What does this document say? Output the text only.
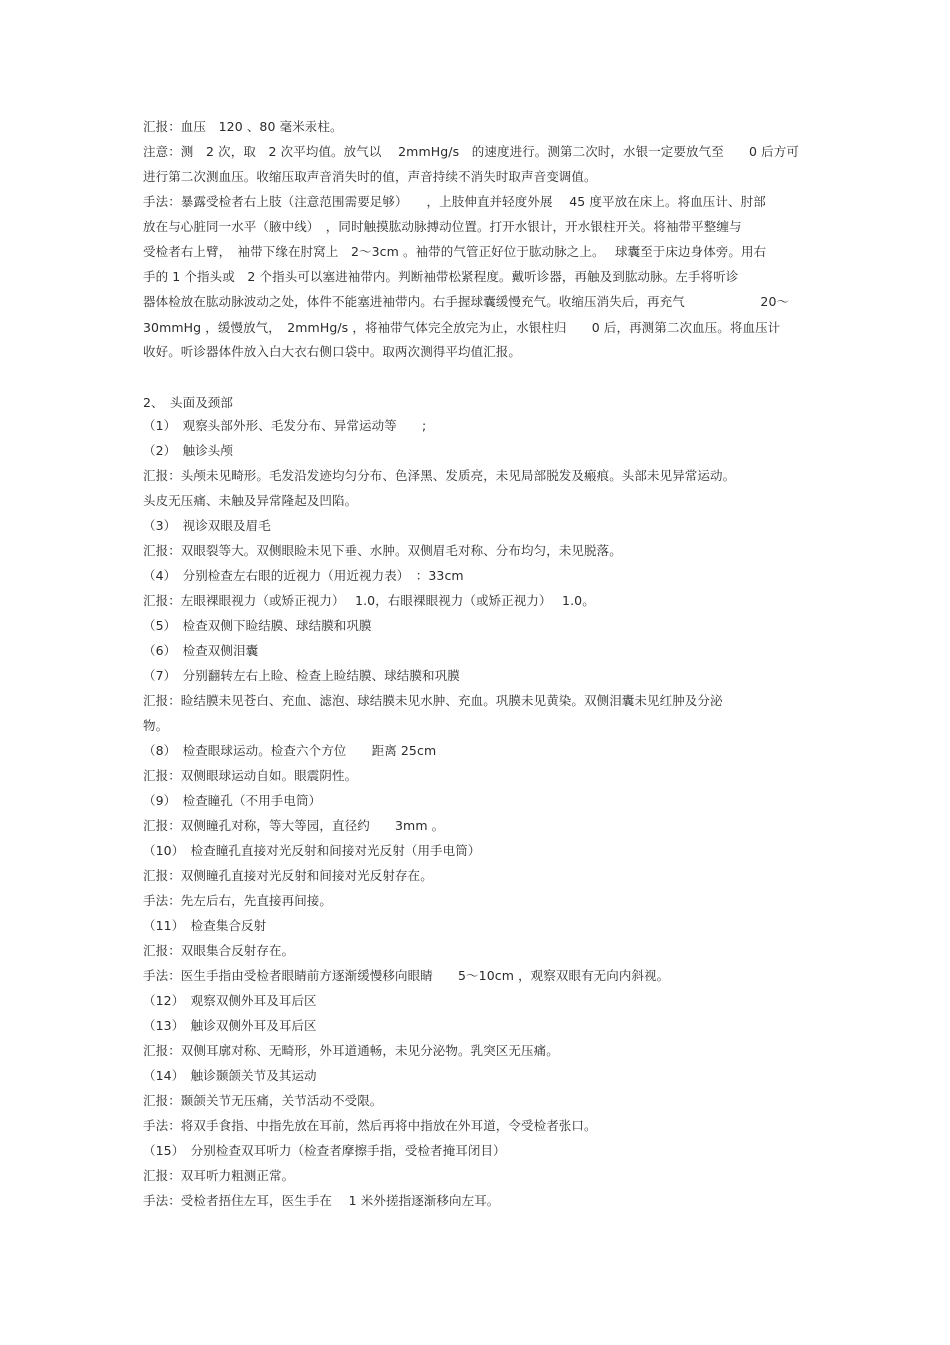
汇报：血压　120 、80 毫米汞柱。
注意：测　2 次，取　2 次平均值。放气以　 2mmHg/s　的速度进行。测第二次时，水银一定要放气至　　0 后方可
进行第二次测血压。收缩压取声音消失时的值，声音持续不消失时取声音变调值。
手法：暴露受检者右上肢（注意范围需要足够）　　，上肢伸直并轻度外展　 45 度平放在床上。将血压计、肘部
放在与心脏同一水平（腋中线）　，同时触摸肱动脉搏动位置。打开水银计，开水银柱开关。将袖带平整缠与
受检者右上臂，　袖带下缘在肘窝上　2～3cm 。袖带的气管正好位于肱动脉之上。　 球囊至于床边身体旁。用右
手的 1 个指头或　2 个指头可以塞进袖带内。判断袖带松紧程度。戴听诊器，再触及到肱动脉。左手将听诊
器体检放在肱动脉波动之处，体件不能塞进袖带内。右手握球囊缓慢充气。收缩压消失后，再充气　　　　　　20～
30mmHg ，缓慢放气，　2mmHg/s ，将袖带气体完全放完为止，水银柱归　　0 后，再测第二次血压。将血压计
收好。听诊器体件放入白大衣右侧口袋中。取两次测得平均值汇报。
2、　头面及颈部
（1）　观察头部外形、毛发分布、异常运动等　　;
（2）　触诊头颅
汇报：头颅未见畸形。毛发沿发迹均匀分布、色泽黑、发质亮，未见局部脱发及瘢痕。头部未见异常运动。
头皮无压痛、未触及异常隆起及凹陷。
（3）　视诊双眼及眉毛
汇报：双眼裂等大。双侧眼睑未见下垂、水肿。双侧眉毛对称、分布均匀，未见脱落。
（4）　分别检查左右眼的近视力（用近视力表）　：33cm
汇报：左眼裸眼视力（或矫正视力）　 1.0，右眼裸眼视力（或矫正视力）　 1.0。
（5）　检查双侧下睑结膜、球结膜和巩膜
（6）　检查双侧泪囊
（7）　分别翻转左右上睑、检查上睑结膜、球结膜和巩膜
汇报：睑结膜未见苍白、充血、滤泡、球结膜未见水肿、充血。巩膜未见黄染。双侧泪囊未见红肿及分泌
物。
（8）　检查眼球运动。检查六个方位　　距离 25cm
汇报：双侧眼球运动自如。眼震阴性。
（9）　检查瞳孔（不用手电筒）
汇报：双侧瞳孔对称，等大等园，直径约　　3mm 。
（10）　检查瞳孔直接对光反射和间接对光反射（用手电筒）
汇报：双侧瞳孔直接对光反射和间接对光反射存在。
手法：先左后右，先直接再间接。
（11）　检查集合反射
汇报：双眼集合反射存在。
手法：医生手指由受检者眼睛前方逐渐缓慢移向眼睛　　5～10cm ，观察双眼有无向内斜视。
（12）　观察双侧外耳及耳后区
（13）　触诊双侧外耳及耳后区
汇报：双侧耳廓对称、无畸形，外耳道通畅，未见分泌物。乳突区无压痛。
（14）　触诊颞颌关节及其运动
汇报：颞颌关节无压痛，关节活动不受限。
手法：将双手食指、中指先放在耳前，然后再将中指放在外耳道，令受检者张口。
（15）　分别检查双耳听力（检查者摩擦手指，受检者掩耳闭目）
汇报：双耳听力粗测正常。
手法：受检者捂住左耳，医生手在　 1 米外搓指逐渐移向左耳。
